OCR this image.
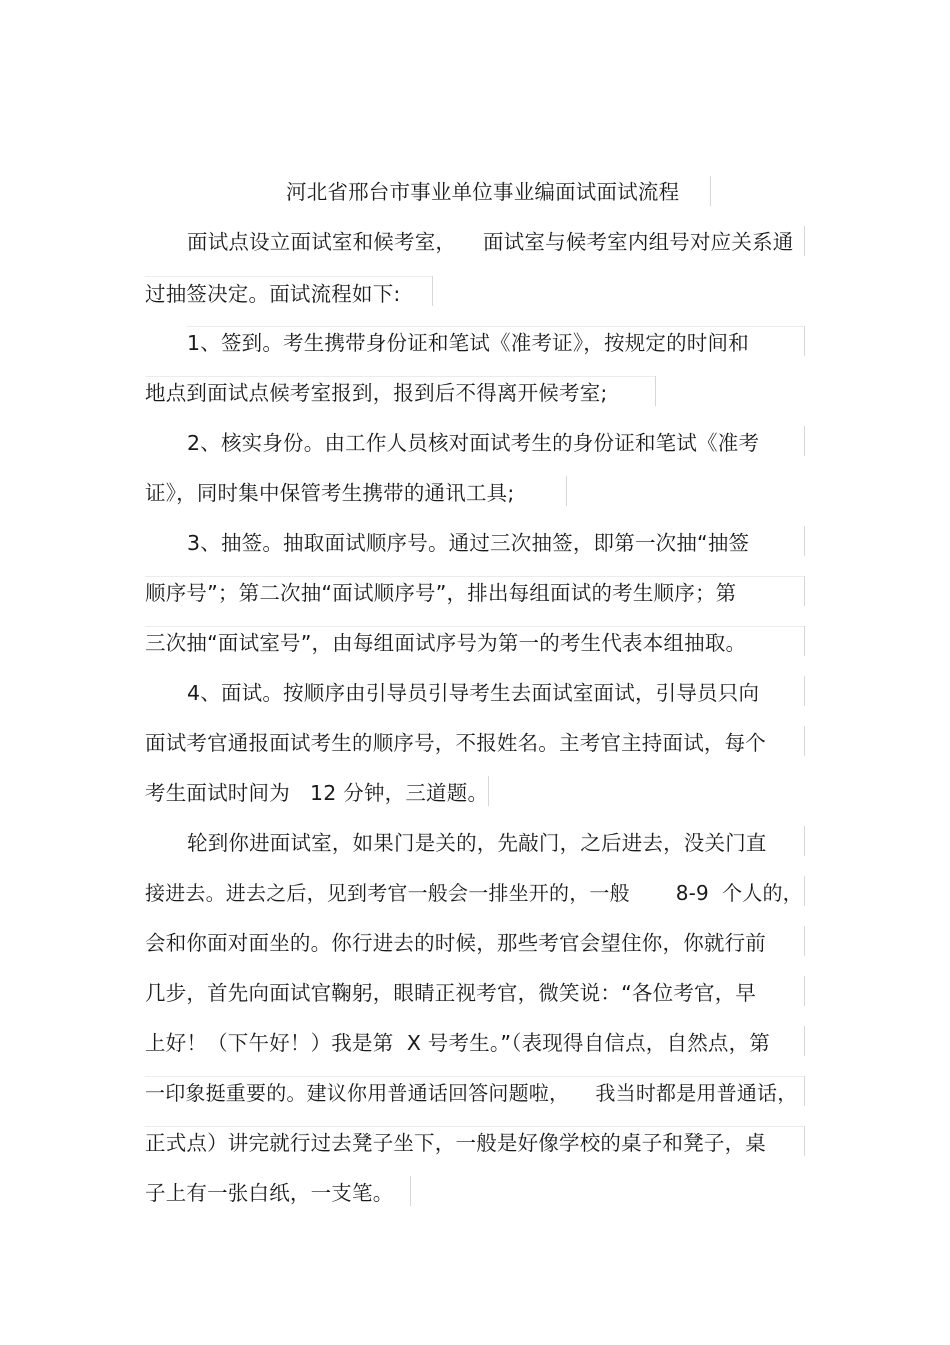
河北省邢台市事业单位事业编面试面试流程
面试点设立面试室和候考室，    面试室与候考室内组号对应关系通
过抽签决定。面试流程如下:
1、签到。考生携带身份证和笔试《准考证》，按规定的时间和
地点到面试点候考室报到，报到后不得离开候考室;
2、核实身份。由工作人员核对面试考生的身份证和笔试《准考
证》，同时集中保管考生携带的通讯工具;
3、抽签。抽取面试顺序号。通过三次抽签，即第一次抽“抽签
顺序号”；第二次抽“面试顺序号”，排出每组面试的考生顺序；第
三次抽“面试室号”，由每组面试序号为第一的考生代表本组抽取。
4、面试。按顺序由引导员引导考生去面试室面试，引导员只向
面试考官通报面试考生的顺序号，不报姓名。主考官主持面试，每个
考生面试时间为   12 分钟，三道题。
轮到你进面试室，如果门是关的，先敲门，之后进去，没关门直
接进去。进去之后，见到考官一般会一排坐开的，一般       8-9  个人的，
会和你面对面坐的。你行进去的时候，那些考官会望住你，你就行前
几步，首先向面试官鞠躬，眼睛正视考官，微笑说：“各位考官，早
上好！（下午好！）我是第  X 号考生。”（表现得自信点，自然点，第
一印象挺重要的。建议你用普通话回答问题啦，    我当时都是用普通话，
正式点）讲完就行过去凳子坐下，一般是好像学校的桌子和凳子，桌
子上有一张白纸，一支笔。
